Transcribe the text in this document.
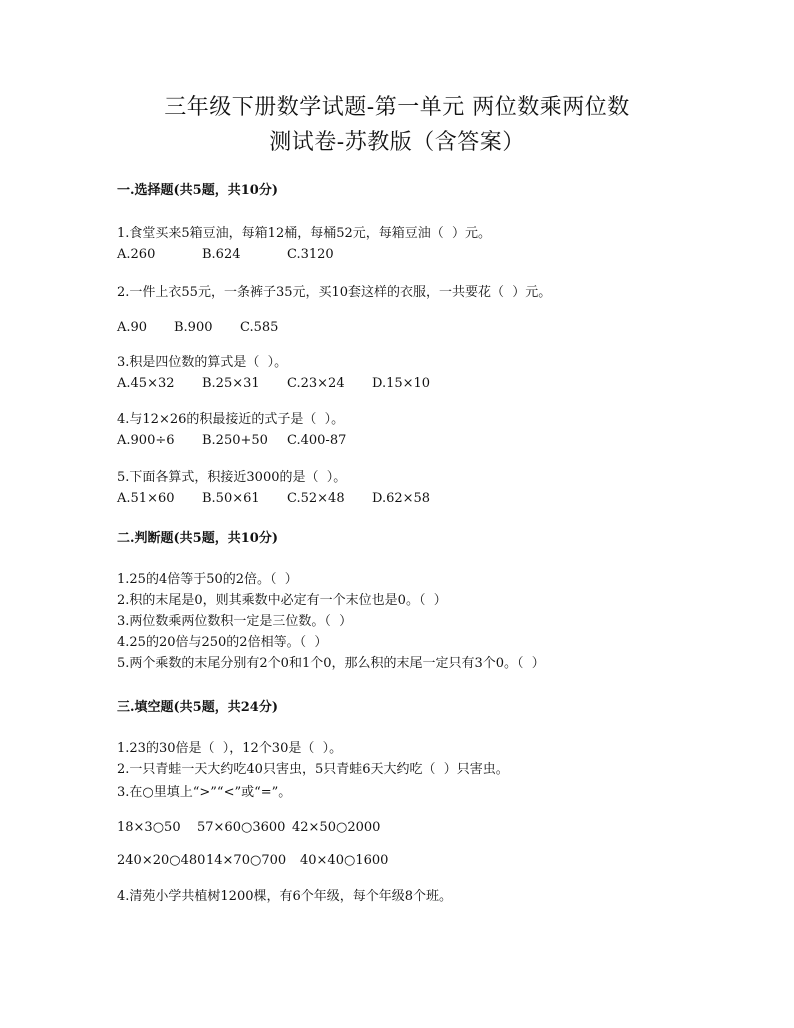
三年级下册数学试题-第一单元 两位数乘两位数
测试卷-苏教版（含答案）
一.选择题(共5题，共10分)
1.食堂买来5箱豆油，每箱12桶，每桶52元，每箱豆油（  ）元。

A.260

	B.624

	C.3120

2.一件上衣55元，一条裤子35元，买10套这样的衣服，一共要花（  ）元。

A.90

B.900

C.585

3.积是四位数的算式是（  ）。

A.45×32

B.25×31

C.23×24

D.15×10

4.与12×26的积最接近的式子是（  ）。

A.900÷6

B.250+50

C.400-87

5.下面各算式，积接近3000的是（  ）。

A.51×60

B.50×61

C.52×48

D.62×58

二.判断题(共5题，共10分)
1.25的4倍等于50的2倍。（  ）
2.积的末尾是0，则其乘数中必定有一个末位也是0。（  ）
3.两位数乘两位数积一定是三位数。（  ）
4.25的20倍与250的2倍相等。（  ）
5.两个乘数的末尾分别有2个0和1个0，那么积的末尾一定只有3个0。（  ）
三.填空题(共5题，共24分)
1.23的30倍是（  ），12个30是（  ）。
2.一只青蛙一天大约吃40只害虫，5只青蛙6天大约吃（  ）只害虫。
3.在○里填上“>”“<”或“=”。

18×3○50

57×60○3600

42×50○2000

240×20○480

14×70○700

40×40○1600

4.清苑小学共植树1200棵，有6个年级，每个年级8个班。
